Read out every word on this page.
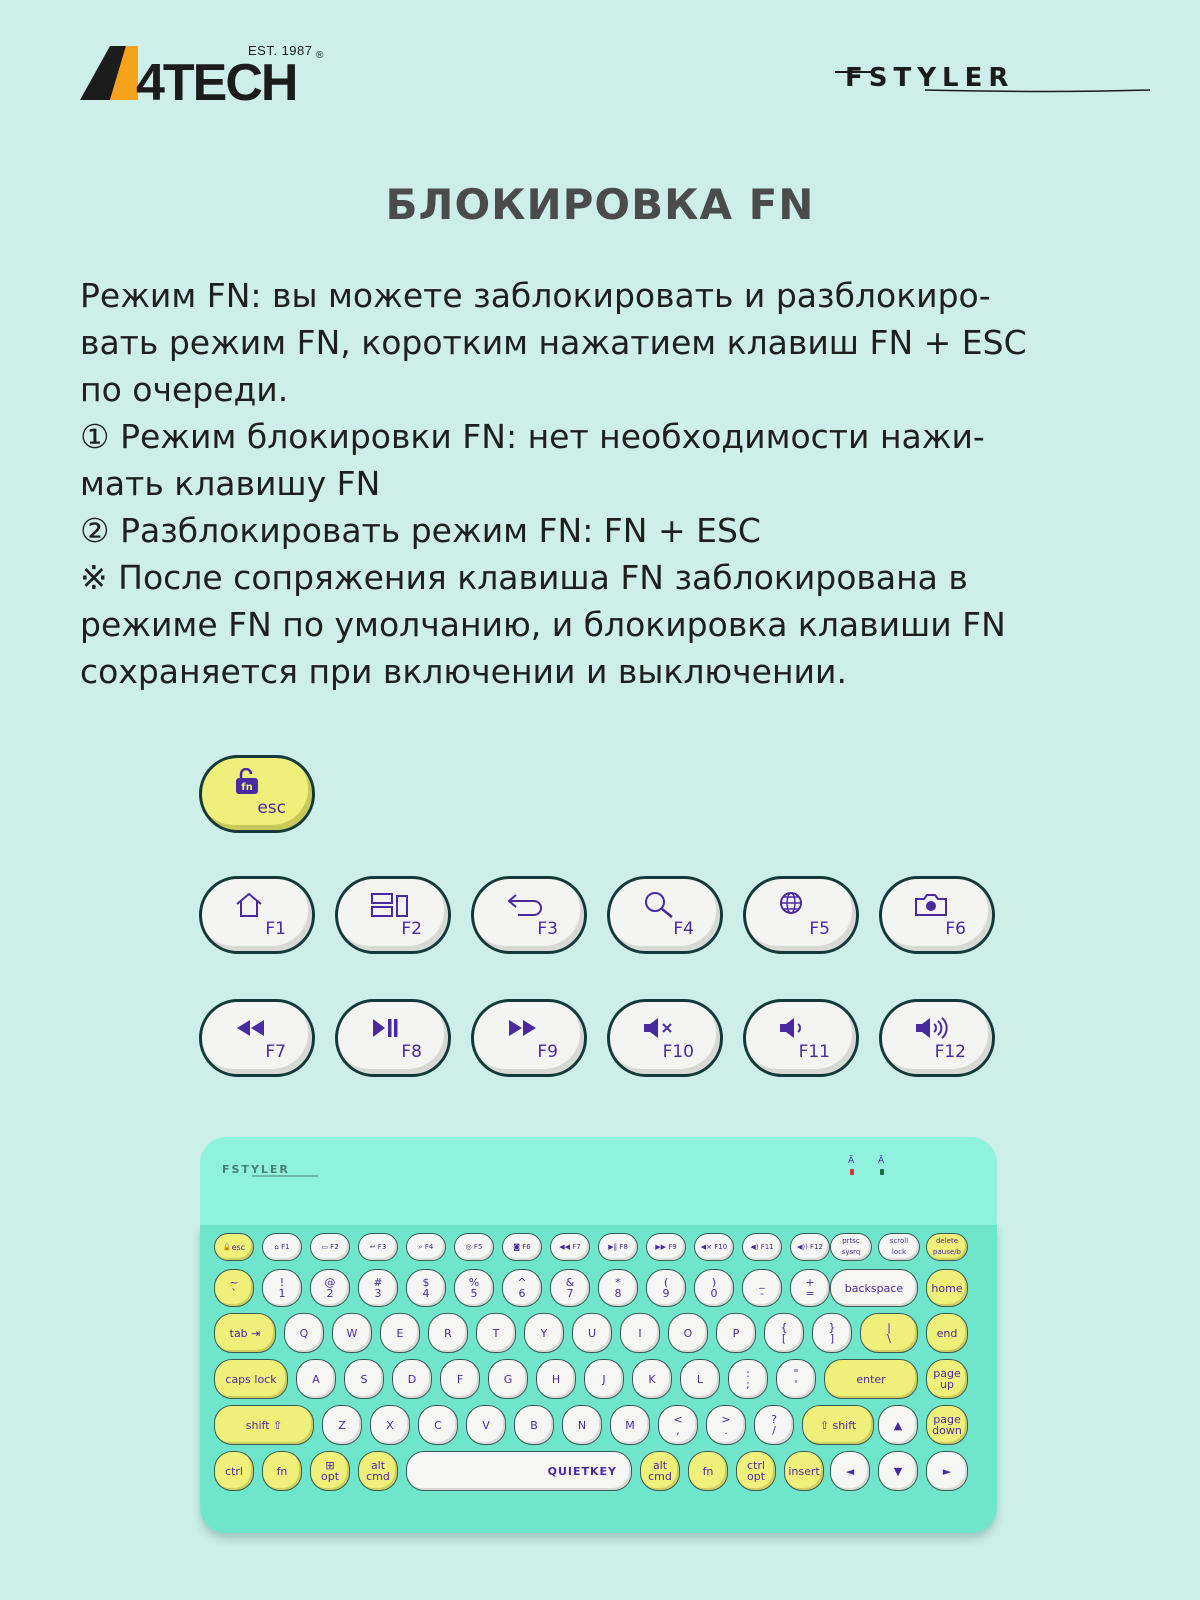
4TECH
EST. 1987 ®
FSTYLER
БЛОКИРОВКА FN

Режим FN: вы можете заблокировать и разблокиро-

вать режим FN, коротким нажатием клавиш FN + ESC

по очереди.

① Режим блокировки FN: нет необходимости нажи-

мать клавишу FN

② Разблокировать режим FN: FN + ESC

※ После сопряжения клавиша FN заблокирована в

режиме FN по умолчанию, и блокировка клавиши FN

сохраняется при включении и выключении.

fn
esc
F1	F2	F3	F4	F5	F6
F7	F8	F9	F10	F11	F12
FSTYLER
Ā	Ā
🔒 esc	⌂ F1	▭ F2	↩ F3	⌕ F4	◎ F5	◙ F6	◀◀ F7	▶‖ F8	▶▶ F9	◀× F10	◀) F11	◀)) F12
prtsc
sysrq
scroll
lock
delete
pause/b
~
`
!
1
@
2
#
3
$
4
%
5
^
6
&
7
*
8
(
9
)
0
_
-
+
=	backspace	home
tab ⇥	Q	W	E	R	T	Y	U	I	O	P	{
[
}
]
|
\	end
caps lock	A	S	D	F	G	H	J	K	L	:
;
"
'	enter	page
up
shift ⇧	Z	X	C	V	B	N	M	<
,
>
.
?
/	⇧ shift	▲	page
down
ctrl	fn	⊞
opt
alt
cmd	QUIETKEY	alt
cmd	fn	ctrl
opt	insert	◄	▼	►
